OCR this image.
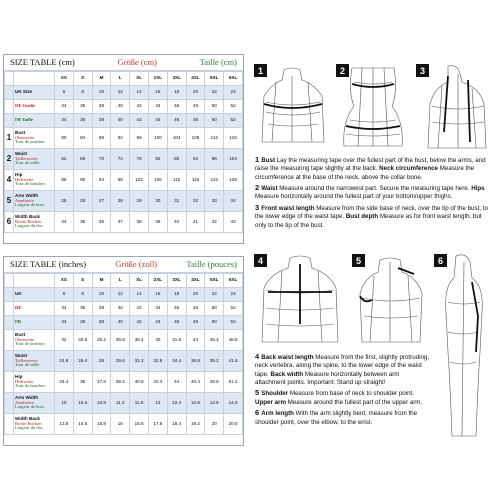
SIZE TABLE (cm)	Größe (cm)	Taille (cm)
		XS	S	M	L	XL	2XL	3XL	4XL	5XL	6XL

	UK Size	6	8	10	12	14	16	18	20	22	24

	DE Größe	34	36	38	40	42	44	46	48	50	52

	FR Taille	34	36	38	40	42	44	46	48	50	52
1	Bust
Oberweite
Tour de poitrine	80	84	88	92	96	100	104	108	112	116
2	Waist
Taillenweite
Tour de taille	62	66	70	74	78	82	86	92	96	104
4	Hip
Hüftweite
Tour de hanches	86	90	94	98	102	106	110	116	122	128
5	Arm Width
Armbreite
Largeur de bras	25	26	27	28	29	30	31	32	33	34
6	Width Back
Breite Rücken
Largeur du dos	34	35	36	37	38	39	40	41	42	43
SIZE TABLE (inches)	Größe (zoll)	Taille (pouces)
		XS	S	M	L	XL	2XL	3XL	4XL	5XL	6XL

	UK	6	8	10	12	14	16	18	20	22	24

	DE	34	36	38	40	42	44	46	48	50	52

	FR	34	36	38	40	42	44	46	48	50	52

	Bust
Oberweite
Tour de poitrine	32	33.6	35.2	36.8	38.4	40	41.6	44	46.4	48.8

	Waist
Taillenweite
Tour de taille	24.8	26.4	28	29.6	31.2	32.8	34.4	36.8	39.2	41.6

	Hip
Hüftweite
Tour de hanches	34.4	35	37.6	39.2	40.8	42.4	44	46.4	48.8	51.2

	Arm Width
Armbreite
Largeur de bras	10	10.4	10.8	11.2	11.6	12	12.4	12.8	13.6	14.5

	Width Back
Breite Rücken
Largeur du dos	13.5	14.5	15.8	16	16.8	17.6	18.4	19.2	20	20.8
1	2	3
1 Bust Lay the measuring tape over the fullest part of the bust, below the arms, and raise the measuring tape slightly at the back. Neck circumference Measure the circumference at the base of the neck, above the collar bone.
2 Waist Measure around the narrowest part. Secure the measuring tape here. Hips Measure horizontally around the fullest part of your bottom/upper thighs.
3 Front waist length Measure from the side base of neck, over the tip of the bust, to the lower edge of the waist tape. Bust depth Measure as for front waist length, but only to the tip of the bust.
4	5	6
4 Back waist length Measure from the first, slightly protruding, neck vertebra, along the spine, to the lower edge of the waist tape. Back width Measure horizontally between arm attachment points. Important: Stand up straight!
5 Shoulder Measure from base of neck to shoulder point. Upper arm Measure around the fullest part of the upper arm.
6 Arm length With the arm slightly bent, measure from the shoulder point, over the elbow, to the wrist.
